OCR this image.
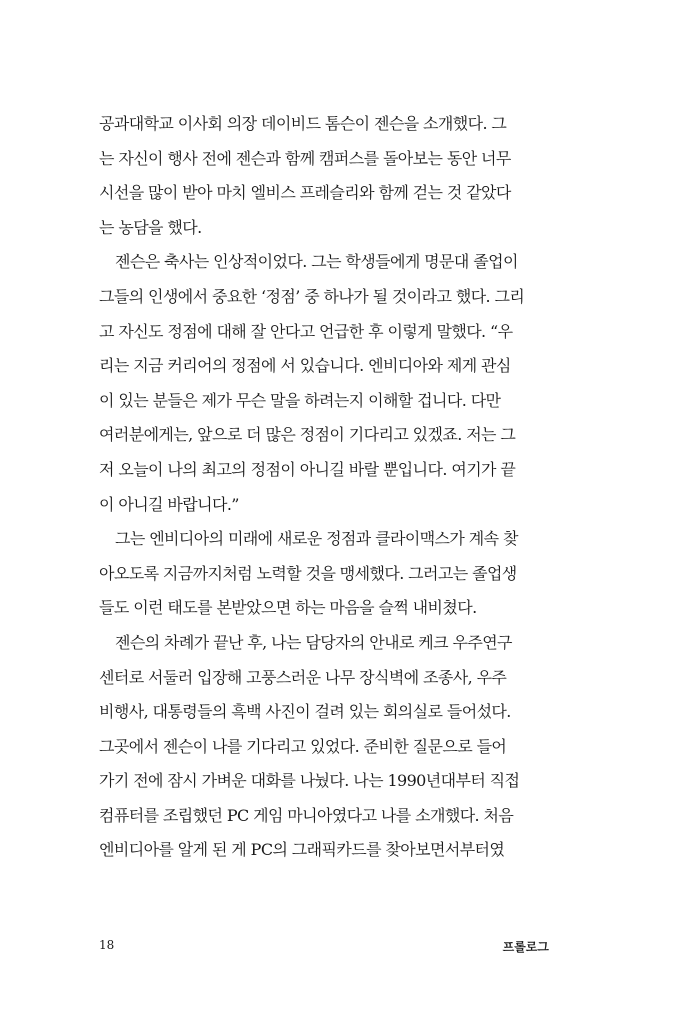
공과대학교 이사회 의장 데이비드 톰슨이 젠슨을 소개했다. 그
는 자신이 행사 전에 젠슨과 함께 캠퍼스를 돌아보는 동안 너무
시선을 많이 받아 마치 엘비스 프레슬리와 함께 걷는 것 같았다
는 농담을 했다.
젠슨은 축사는 인상적이었다. 그는 학생들에게 명문대 졸업이
그들의 인생에서 중요한 ‘정점’ 중 하나가 될 것이라고 했다. 그리
고 자신도 정점에 대해 잘 안다고 언급한 후 이렇게 말했다. “우
리는 지금 커리어의 정점에 서 있습니다. 엔비디아와 제게 관심
이 있는 분들은 제가 무슨 말을 하려는지 이해할 겁니다. 다만
여러분에게는, 앞으로 더 많은 정점이 기다리고 있겠죠. 저는 그
저 오늘이 나의 최고의 정점이 아니길 바랄 뿐입니다. 여기가 끝
이 아니길 바랍니다.”
그는 엔비디아의 미래에 새로운 정점과 클라이맥스가 계속 찾
아오도록 지금까지처럼 노력할 것을 맹세했다. 그러고는 졸업생
들도 이런 태도를 본받았으면 하는 마음을 슬쩍 내비쳤다.
젠슨의 차례가 끝난 후, 나는 담당자의 안내로 케크 우주연구
센터로 서둘러 입장해 고풍스러운 나무 장식벽에 조종사, 우주
비행사, 대통령들의 흑백 사진이 걸려 있는 회의실로 들어섰다.
그곳에서 젠슨이 나를 기다리고 있었다. 준비한 질문으로 들어
가기 전에 잠시 가벼운 대화를 나눴다. 나는 1990년대부터 직접
컴퓨터를 조립했던 PC 게임 마니아였다고 나를 소개했다. 처음
엔비디아를 알게 된 게 PC의 그래픽카드를 찾아보면서부터였
18	프롤로그
